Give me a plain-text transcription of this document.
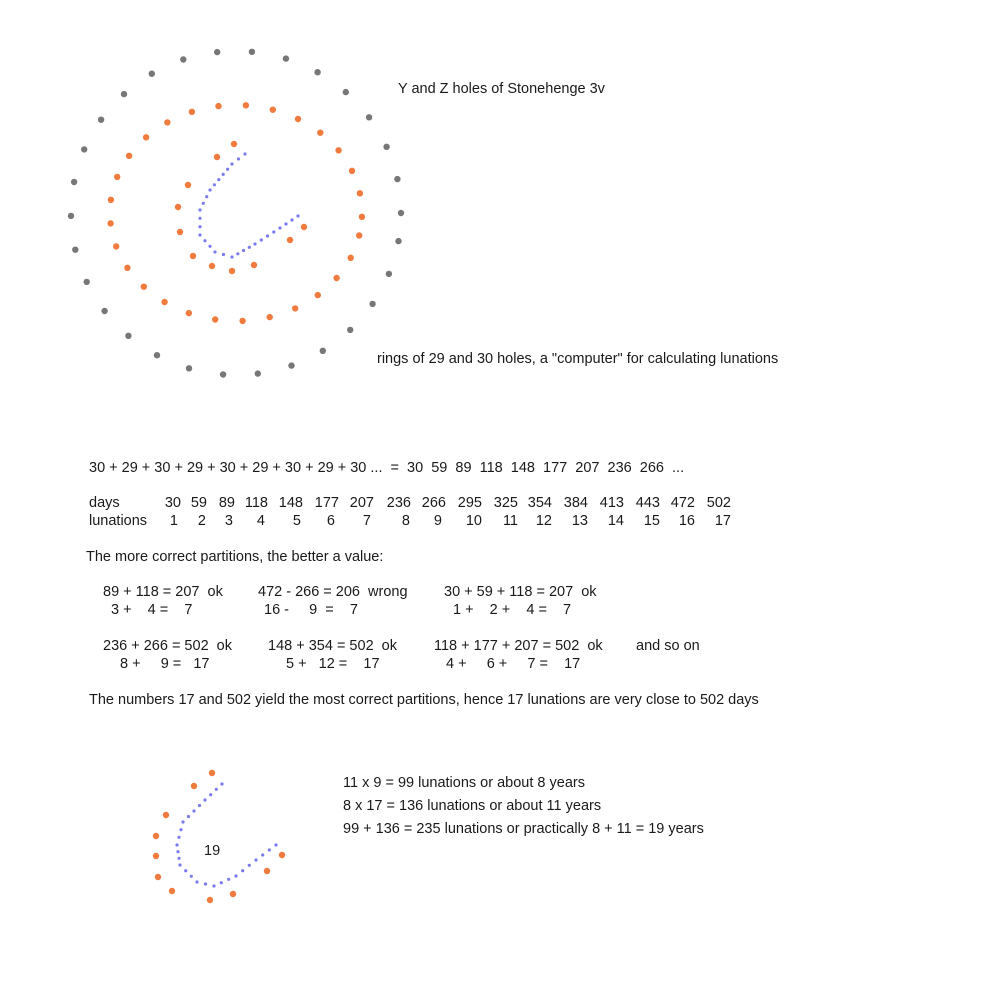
Y and Z holes of Stonehenge 3v
rings of 29 and 30 holes, a "computer" for calculating lunations
30 + 29 + 30 + 29 + 30 + 29 + 30 + 29 + 30 ...  =  30  59  89  118  148  177  207  236  266  ...
days
lunations
30 59 89 118 148 177 207 236 266 295 325 354 384 413 443 472 502
1 2 3 4 5 6 7 8 9 10 11 12 13 14 15 16 17
The more correct partitions, the better a value:
89 + 118 = 207  ok
3 +    4 =    7
472 - 266 = 206  wrong
16 -     9  =    7
30 + 59 + 118 = 207  ok
1 +    2 +    4 =    7
236 + 266 = 502  ok
8 +     9 =   17
148 + 354 = 502  ok
5 +   12 =    17
118 + 177 + 207 = 502  ok
4 +     6 +     7 =    17
and so on
The numbers 17 and 502 yield the most correct partitions, hence 17 lunations are very close to 502 days
19
11 x 9 = 99 lunations or about 8 years
8 x 17 = 136 lunations or about 11 years
99 + 136 = 235 lunations or practically 8 + 11 = 19 years
